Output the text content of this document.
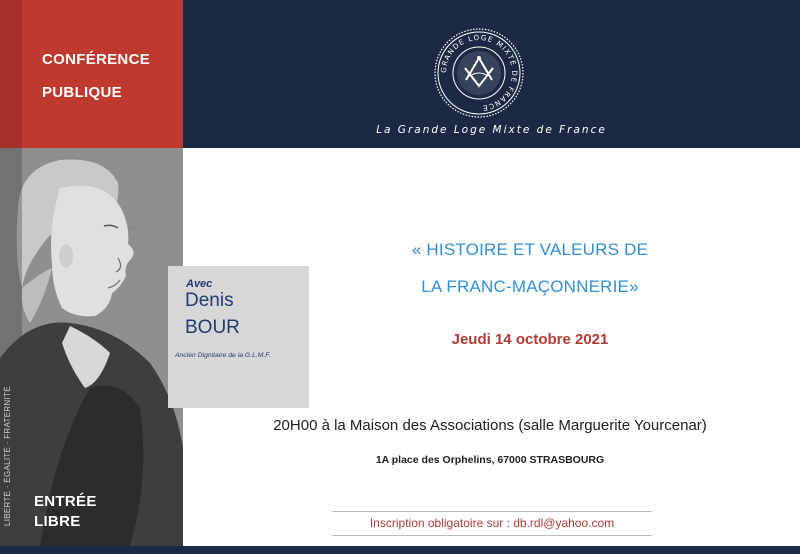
CONFÉRENCE
PUBLIQUE
GRANDE LOGE MIXTE DE FRANCE
La Grande Loge Mixte de France
LIBERTÉ · ÉGALITÉ · FRATERNITÉ	ENTRÉE
LIBRE
Avec
Denis
BOUR
Ancien Dignitaire de la G.L.M.F.
« HISTOIRE ET VALEURS DE
LA FRANC-MAÇONNERIE»
Jeudi 14 octobre 2021
20H00 à la Maison des Associations (salle Marguerite Yourcenar)
1A place des Orphelins, 67000 STRASBOURG
Inscription obligatoire sur : db.rdl@yahoo.com
